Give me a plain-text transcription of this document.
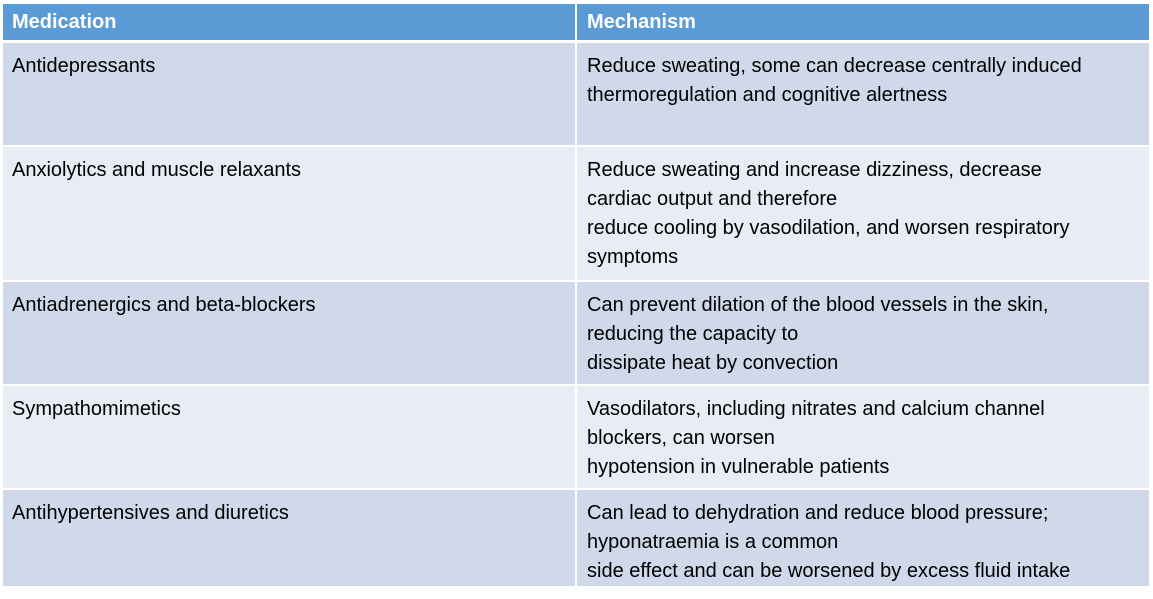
Medication	Mechanism
Antidepressants	Reduce sweating, some can decrease centrally induced
thermoregulation and cognitive alertness
Anxiolytics and muscle relaxants	Reduce sweating and increase dizziness, decrease
cardiac output and therefore
reduce cooling by vasodilation, and worsen respiratory
symptoms
Antiadrenergics and beta-blockers	Can prevent dilation of the blood vessels in the skin,
reducing the capacity to
dissipate heat by convection
Sympathomimetics	Vasodilators, including nitrates and calcium channel
blockers, can worsen
hypotension in vulnerable patients
Antihypertensives and diuretics	Can lead to dehydration and reduce blood pressure;
hyponatraemia is a common
side effect and can be worsened by excess fluid intake
